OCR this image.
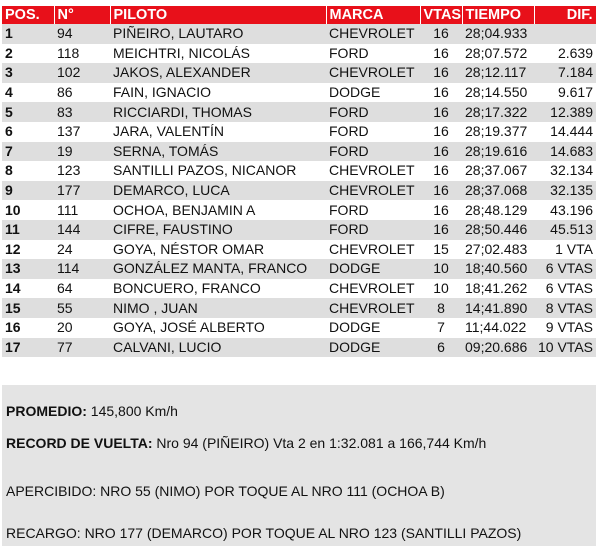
POS.	N°	PILOTO	MARCA	VTAS	TIEMPO	DIF.
1	94	PIÑEIRO, LAUTARO	CHEVROLET	16	28;04.933	
2	118	MEICHTRI, NICOLÁS	FORD	16	28;07.572	2.639
3	102	JAKOS, ALEXANDER	CHEVROLET	16	28;12.117	7.184
4	86	FAIN, IGNACIO	DODGE	16	28;14.550	9.617
5	83	RICCIARDI, THOMAS	FORD	16	28;17.322	12.389
6	137	JARA, VALENTÍN	FORD	16	28;19.377	14.444
7	19	SERNA, TOMÁS	FORD	16	28;19.616	14.683
8	123	SANTILLI PAZOS, NICANOR	CHEVROLET	16	28;37.067	32.134
9	177	DEMARCO, LUCA	CHEVROLET	16	28;37.068	32.135
10	111	OCHOA, BENJAMIN A	FORD	16	28;48.129	43.196
11	144	CIFRE, FAUSTINO	FORD	16	28;50.446	45.513
12	24	GOYA, NÉSTOR OMAR	CHEVROLET	15	27;02.483	1 VTA
13	114	GONZÁLEZ MANTA, FRANCO	DODGE	10	18;40.560	6 VTAS
14	64	BONCUERO, FRANCO	CHEVROLET	10	18;41.262	6 VTAS
15	55	NIMO , JUAN	CHEVROLET	8	14;41.890	8 VTAS
16	20	GOYA, JOSÉ ALBERTO	DODGE	7	11;44.022	9 VTAS
17	77	CALVANI, LUCIO	DODGE	6	09;20.686	10 VTAS

PROMEDIO: 145,800 Km/h

RECORD DE VUELTA: Nro 94 (PIÑEIRO) Vta 2 en 1:32.081 a 166,744 Km/h

APERCIBIDO: NRO 55 (NIMO) POR TOQUE AL NRO 111 (OCHOA B)

RECARGO: NRO 177 (DEMARCO) POR TOQUE AL NRO 123 (SANTILLI PAZOS)
